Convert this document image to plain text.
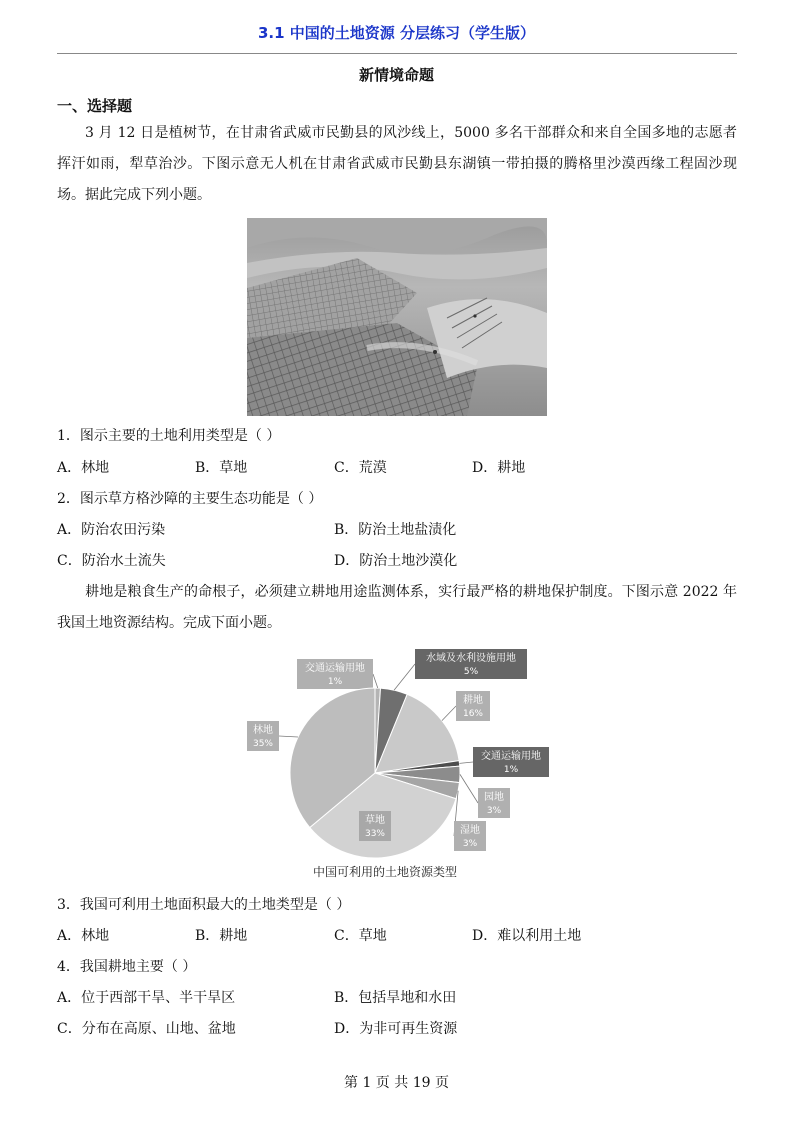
3.1 中国的土地资源 分层练习（学生版）
新情境命题
一、选择题
3 月 12 日是植树节，在甘肃省武威市民勤县的风沙线上，5000 多名干部群众和来自全国多地的志愿者挥汗如雨，犁草治沙。下图示意无人机在甘肃省武威市民勤县东湖镇一带拍摄的腾格里沙漠西缘工程固沙现场。据此完成下列小题。
1．图示主要的土地利用类型是（ ）
A．林地	B．草地	C．荒漠	D．耕地
2．图示草方格沙障的主要生态功能是（ ）
A．防治农田污染	B．防治土地盐渍化
C．防治水土流失	D．防治土地沙漠化
耕地是粮食生产的命根子，必须建立耕地用途监测体系，实行最严格的耕地保护制度。下图示意 2022 年我国土地资源结构。完成下面小题。
交通运输用地
1%
水域及水利设施用地
5%
耕地
16%
交通运输用地
1%
园地
3%
湿地
3%
草地
33%
林地
35%
中国可利用的土地资源类型
3．我国可利用土地面积最大的土地类型是（ ）
A．林地	B．耕地	C．草地	D．难以利用土地
4．我国耕地主要（ ）
A．位于西部干旱、半干旱区	B．包括旱地和水田
C．分布在高原、山地、盆地	D．为非可再生资源
第 1 页 共 19 页
